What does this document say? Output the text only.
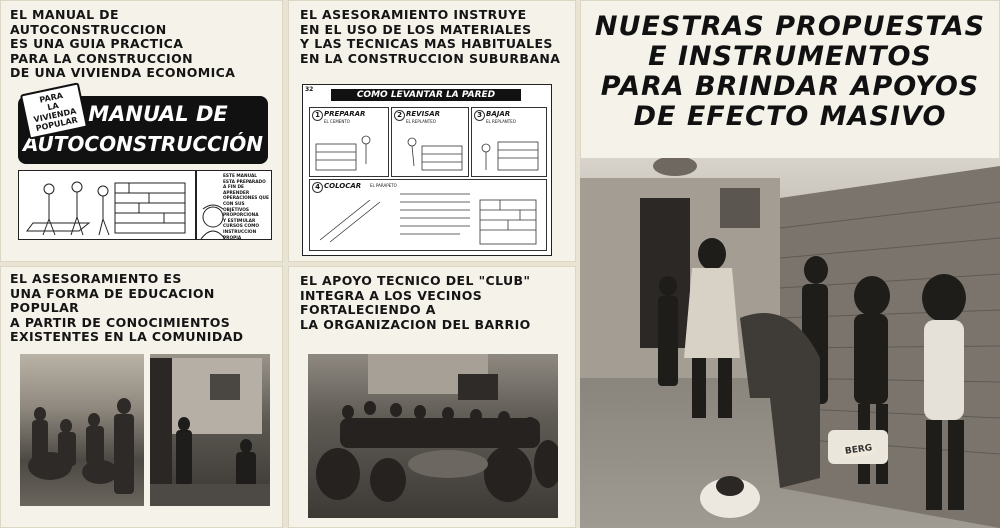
EL MANUAL DE AUTOCONSTRUCCION
ES UNA GUIA PRACTICA
PARA LA CONSTRUCCION
DE UNA VIVIENDA ECONOMICA
MANUAL DE
AUTOCONSTRUCCIÓN
PARA
LA
VIVIENDA
POPULAR
ESTE MANUAL
ESTA PREPARADO
A FIN DE APRENDER
OPERACIONES QUE
CON SUS OBJETIVOS
PROPORCIONA
Y ESTIMULAR
CURSOS COMO
INSTRUCCION PROPIA
EL ASESORAMIENTO INSTRUYE
EN EL USO DE LOS MATERIALES
Y LAS TECNICAS MAS HABITUALES
EN LA CONSTRUCCION SUBURBANA
32
COMO LEVANTAR LA PARED
1 PREPARAR
EL CEMENTO
2 REVISAR
EL REPLANTEO
3 BAJAR
EL REPLANTEO
4 COLOCAR EL PARAPETO
EL ASESORAMIENTO ES
UNA FORMA DE EDUCACION POPULAR
A PARTIR DE CONOCIMIENTOS
EXISTENTES EN LA COMUNIDAD
EL APOYO TECNICO DEL "CLUB"
INTEGRA A LOS VECINOS
FORTALECIENDO A
LA ORGANIZACION DEL BARRIO
NUESTRAS PROPUESTAS
E INSTRUMENTOS
PARA BRINDAR APOYOS
DE EFECTO MASIVO
BERG
